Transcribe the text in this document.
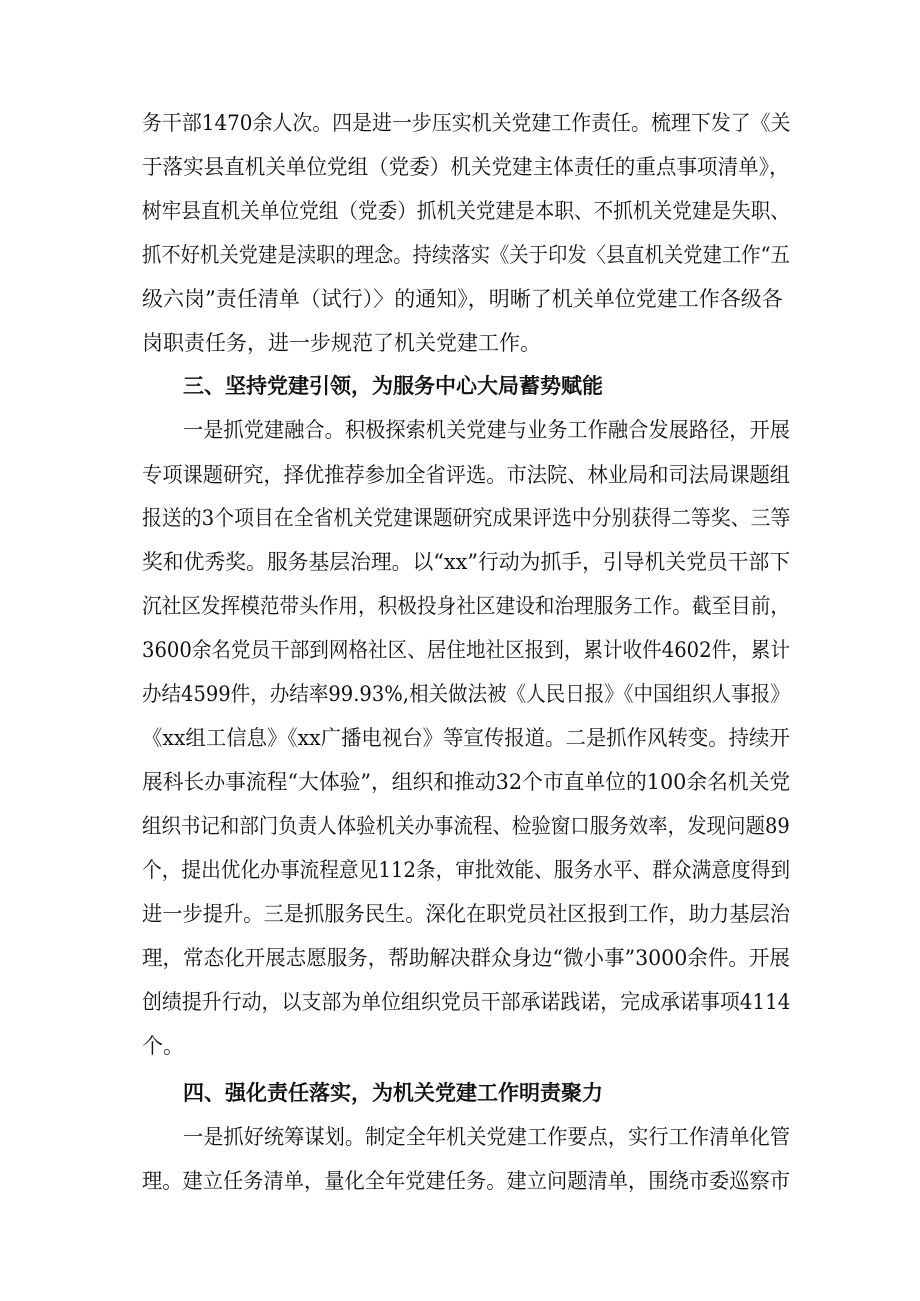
务干部1470余人次。四是进一步压实机关党建工作责任。梳理下发了《关
于落实县直机关单位党组（党委）机关党建主体责任的重点事项清单》，
树牢县直机关单位党组（党委）抓机关党建是本职、不抓机关党建是失职、
抓不好机关党建是渎职的理念。持续落实《关于印发〈县直机关党建工作“五
级六岗”责任清单（试行）〉的通知》，明晰了机关单位党建工作各级各
岗职责任务，进一步规范了机关党建工作。
三、坚持党建引领，为服务中心大局蓄势赋能
一是抓党建融合。积极探索机关党建与业务工作融合发展路径，开展
专项课题研究，择优推荐参加全省评选。市法院、林业局和司法局课题组
报送的3个项目在全省机关党建课题研究成果评选中分别获得二等奖、三等
奖和优秀奖。服务基层治理。以“xx”行动为抓手，引导机关党员干部下
沉社区发挥模范带头作用，积极投身社区建设和治理服务工作。截至目前，
3600余名党员干部到网格社区、居住地社区报到，累计收件4602件，累计
办结4599件，办结率99.93%,相关做法被《人民日报》《中国组织人事报》
《xx组工信息》《xx广播电视台》等宣传报道。二是抓作风转变。持续开
展科长办事流程“大体验”，组织和推动32个市直单位的100余名机关党
组织书记和部门负责人体验机关办事流程、检验窗口服务效率，发现问题89
个，提出优化办事流程意见112条，审批效能、服务水平、群众满意度得到
进一步提升。三是抓服务民生。深化在职党员社区报到工作，助力基层治
理，常态化开展志愿服务，帮助解决群众身边“微小事”3000余件。开展
创绩提升行动，以支部为单位组织党员干部承诺践诺，完成承诺事项4114
个。
四、强化责任落实，为机关党建工作明责聚力
一是抓好统筹谋划。制定全年机关党建工作要点，实行工作清单化管
理。建立任务清单，量化全年党建任务。建立问题清单，围绕市委巡察市
